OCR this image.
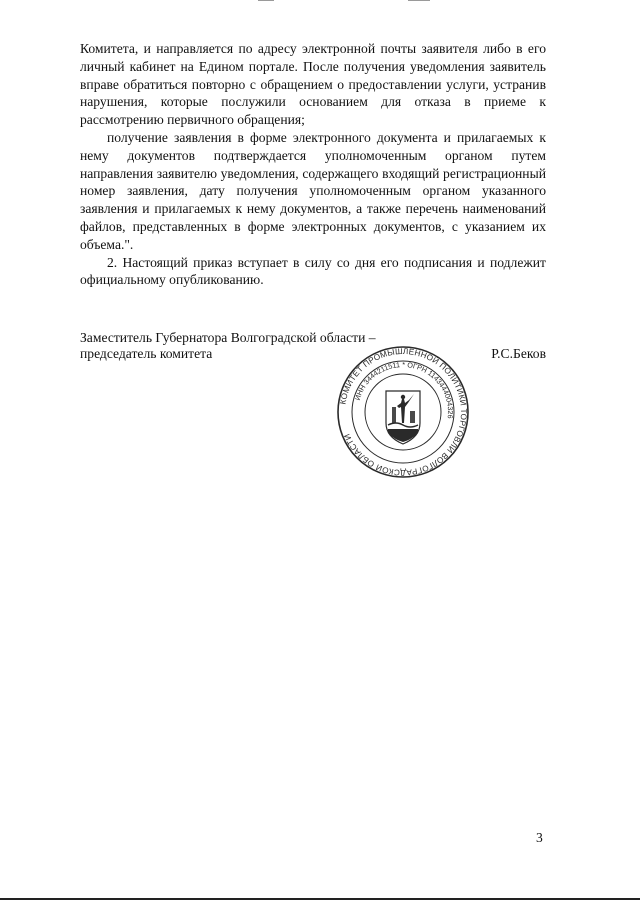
Комитета, и направляется по адресу электронной почты заявителя либо в его личный кабинет на Едином портале. После получения уведомления заявитель вправе обратиться повторно с обращением о предоставлении услуги, устранив нарушения, которые послужили основанием для отказа в приеме к рассмотрению первичного обращения;

получение заявления в форме электронного документа и прилагаемых к нему документов подтверждается уполномоченным органом путем направления заявителю уведомления, содержащего входящий регистрационный номер заявления, дату получения уполномоченным органом указанного заявления и прилагаемых к нему документов, а также перечень наименований файлов, представленных в форме электронных документов, с указанием их объема.".

2. Настоящий приказ вступает в силу со дня его подписания и подлежит официальному опубликованию.

Заместитель Губернатора Волгоградской области –
председатель комитета	Р.С.Беков
КОМИТЕТ ПРОМЫШЛЕННОЙ ПОЛИТИКИ ТОРГОВЛИ ВОЛГОГРАДСКОЙ ОБЛАСТИ
ИНН 3444211511 * ОГРН 1143444004326
3
